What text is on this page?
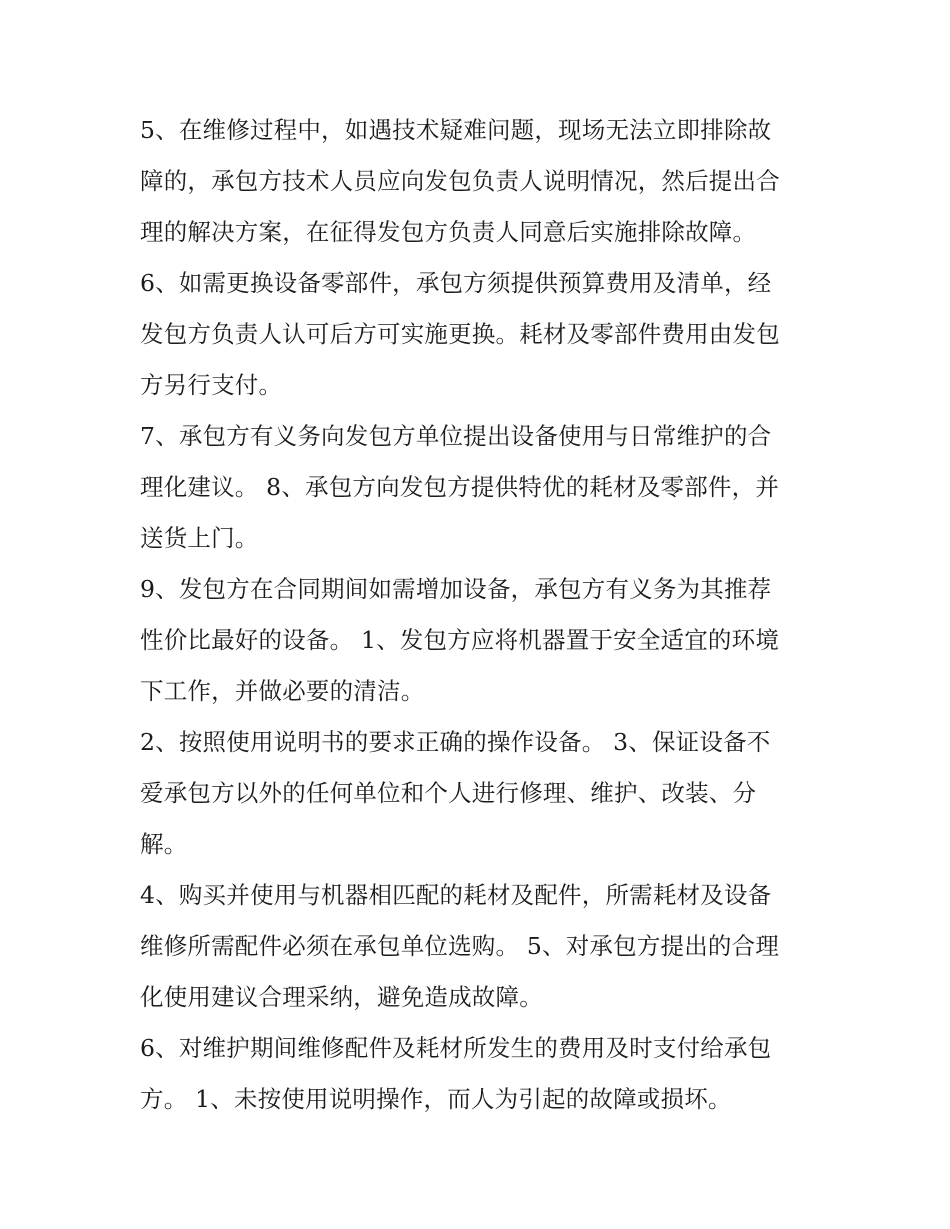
5、在维修过程中，如遇技术疑难问题，现场无法立即排除故
障的，承包方技术人员应向发包负责人说明情况，然后提出合
理的解决方案，在征得发包方负责人同意后实施排除故障。

6、如需更换设备零部件，承包方须提供预算费用及清单，经
发包方负责人认可后方可实施更换。耗材及零部件费用由发包
方另行支付。

7、承包方有义务向发包方单位提出设备使用与日常维护的合
理化建议。 8、承包方向发包方提供特优的耗材及零部件，并
送货上门。

9、发包方在合同期间如需增加设备，承包方有义务为其推荐
性价比最好的设备。 1、发包方应将机器置于安全适宜的环境
下工作，并做必要的清洁。

2、按照使用说明书的要求正确的操作设备。 3、保证设备不
爱承包方以外的任何单位和个人进行修理、维护、改装、分
解。

4、购买并使用与机器相匹配的耗材及配件，所需耗材及设备
维修所需配件必须在承包单位选购。 5、对承包方提出的合理
化使用建议合理采纳，避免造成故障。

6、对维护期间维修配件及耗材所发生的费用及时支付给承包
方。 1、未按使用说明操作，而人为引起的故障或损坏。
